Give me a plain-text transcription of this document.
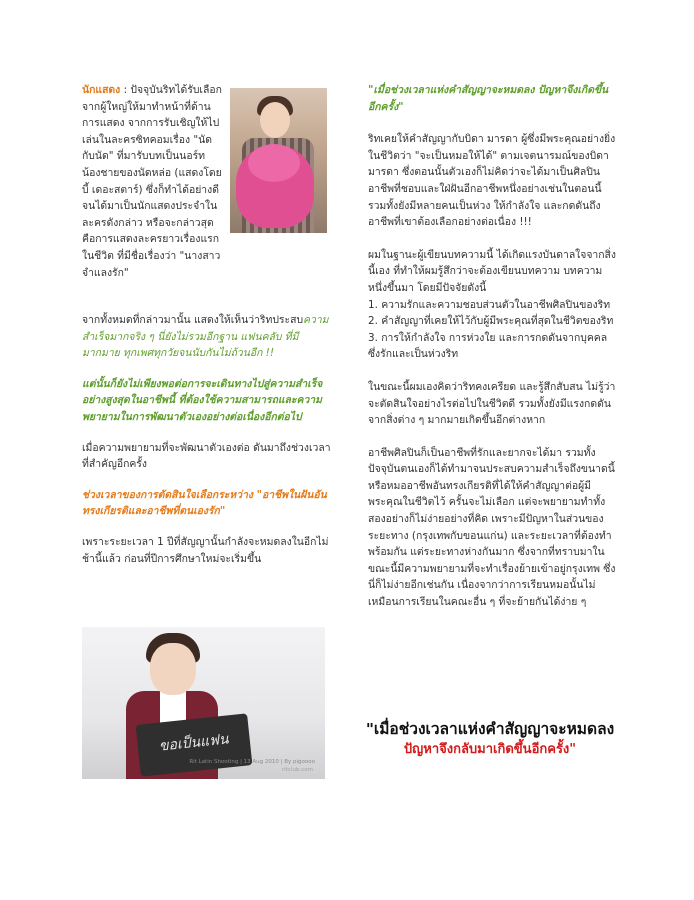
นักแสดง : ปัจจุบันริทได้รับเลือกจากผู้ใหญ่ให้มาทำหน้าที่ด้านการแสดง จากการรับเชิญให้ไปเล่นในละครซิทคอมเรื่อง "นัดกับนัด" ที่มารับบทเป็นนอร์ท น้องชายของนัดหล่อ (แสดงโดยบี้ เดอะสตาร์) ซึ่งก็ทำได้อย่างดี จนได้มาเป็นนักแสดงประจำในละครดังกล่าว หรือจะกล่าวสุดคือการแสดงละครยาวเรื่องแรกในชีวิต ที่มีชื่อเรื่องว่า "นางสาวจำแลงรัก"

จากทั้งหมดที่กล่าวมานั้น แสดงให้เห็นว่าริทประสบความสำเร็จมากจริง ๆ นี่ยังไม่รวมอีกฐาน แฟนคลับ ที่มีมากมาย ทุกเพศทุกวัยจนนับกันไม่ถ้วนอีก !!

แต่นั้นก็ยังไม่เพียงพอต่อการจะเดินทางไปสู่ความสำเร็จอย่างสูงสุดในอาชีพนี้ ที่ต้องใช้ความสามารถและความพยายามในการพัฒนาตัวเองอย่างต่อเนื่องอีกต่อไป

เมื่อความพยายามที่จะพัฒนาตัวเองต่อ ดันมาถึงช่วงเวลาที่สำคัญอีกครั้ง

ช่วงเวลาของการตัดสินใจเลือกระหว่าง "อาชีพในฝันอันทรงเกียรติและอาชีพที่ตนเองรัก"

เพราะระยะเวลา 1 ปีที่สัญญานั้นกำลังจะหมดลงในอีกไม่ช้านี้แล้ว ก่อนที่ปีการศึกษาใหม่จะเริ่มขึ้น

ขอเป็นแฟน
Rit Latin Shooting | 13 Aug 2010 | By pigoooo
ritclub.com

"เมื่อช่วงเวลาแห่งคำสัญญาจะหมดลง ปัญหาจึงเกิดขึ้นอีกครั้ง"

ริทเคยให้คำสัญญากับบิดา มารดา ผู้ซึ่งมีพระคุณอย่างยิ่งในชีวิตว่า "จะเป็นหมอให้ได้" ตามเจตนารมณ์ของบิดามารดา ซึ่งตอนนั้นตัวเองก็ไม่คิดว่าจะได้มาเป็นศิลปินอาชีพที่ชอบและใฝ่ฝันอีกอาชีพหนึ่งอย่างเช่นในตอนนี้ รวมทั้งยังมีหลายคนเป็นห่วง ให้กำลังใจ และกดดันถึงอาชีพที่เขาต้องเลือกอย่างต่อเนื่อง !!!

ผมในฐานะผู้เขียนบทความนี้ ได้เกิดแรงบันดาลใจจากสิ่งนี้เอง ที่ทำให้ผมรู้สึกว่าจะต้องเขียนบทความ บทความหนึ่งขึ้นมา โดยมีปัจจัยดังนี้

1. ความรักและความชอบส่วนตัวในอาชีพศิลปินของริท
2. คำสัญญาที่เคยให้ไว้กับผู้มีพระคุณที่สุดในชีวิตของริท
3. การให้กำลังใจ การห่วงใย และการกดดันจากบุคคลซึ่งรักและเป็นห่วงริท

ในขณะนี้ผมเองคิดว่าริทคงเครียด และรู้สึกสับสน ไม่รู้ว่าจะตัดสินใจอย่างไรต่อไปในชีวิตดี รวมทั้งยังมีแรงกดดันจากสิ่งต่าง ๆ มากมายเกิดขึ้นอีกต่างหาก

อาชีพศิลปินก็เป็นอาชีพที่รักและยากจะได้มา รวมทั้งปัจจุบันตนเองก็ได้ทำมาจนประสบความสำเร็จถึงขนาดนี้ หรือหมออาชีพอันทรงเกียรติที่ได้ให้คำสัญญาต่อผู้มีพระคุณในชีวิตไว้ ครั้นจะไม่เลือก แต่จะพยายามทำทั้งสองอย่างก็ไม่ง่ายอย่างที่คิด เพราะมีปัญหาในส่วนของระยะทาง (กรุงเทพกับขอนแก่น) และระยะเวลาที่ต้องทำพร้อมกัน แต่ระยะทางห่างกันมาก ซึ่งจากที่ทราบมาในขณะนี้มีความพยายามที่จะทำเรื่องย้ายเข้าอยู่กรุงเทพ ซึ่งนี่ก็ไม่ง่ายอีกเช่นกัน เนื่องจากว่าการเรียนหมอนั้นไม่เหมือนการเรียนในคณะอื่น ๆ ที่จะย้ายกันได้ง่าย ๆ

"เมื่อช่วงเวลาแห่งคำสัญญาจะหมดลง
ปัญหาจึงกลับมาเกิดขึ้นอีกครั้ง"
